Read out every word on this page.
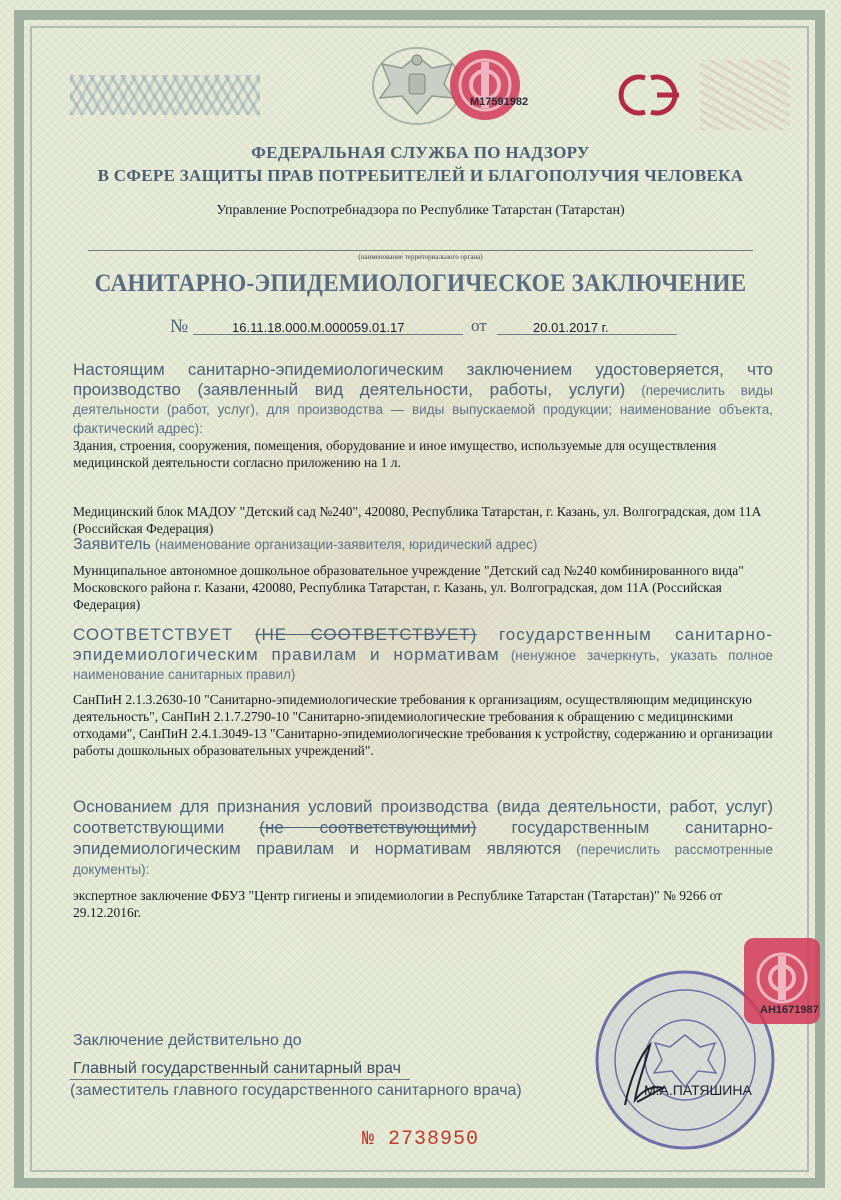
М17591982
ФЕДЕРАЛЬНАЯ СЛУЖБА ПО НАДЗОРУ
В СФЕРЕ ЗАЩИТЫ ПРАВ ПОТРЕБИТЕЛЕЙ И БЛАГОПОЛУЧИЯ ЧЕЛОВЕКА
Управление Роспотребнадзора по Республике Татарстан (Татарстан)
(наименование территориального органа)
САНИТАРНО-ЭПИДЕМИОЛОГИЧЕСКОЕ ЗАКЛЮЧЕНИЕ
№	16.11.18.000.М.000059.01.17	от	20.01.2017 г.
Настоящим санитарно-эпидемиологическим заключением удостоверяется, что производство (заявленный вид деятельности, работы, услуги) (перечислить виды деятельности (работ, услуг), для производства — виды выпускаемой продукции; наименование объекта, фактический адрес):
Здания, строения, сооружения, помещения, оборудование и иное имущество, используемые для осуществления медицинской деятельности согласно приложению на 1 л.
Медицинский блок МАДОУ "Детский сад №240", 420080, Республика Татарстан, г. Казань, ул. Волгоградская, дом 11А (Российская Федерация)
Заявитель (наименование организации-заявителя, юридический адрес)
Муниципальное автономное дошкольное образовательное учреждение "Детский сад №240 комбинированного вида" Московского района г. Казани, 420080, Республика Татарстан, г. Казань, ул. Волгоградская, дом 11А (Российская Федерация)
СООТВЕТСТВУЕТ (НЕ СООТВЕТСТВУЕТ) государственным санитарно-эпидемиологическим правилам и нормативам (ненужное зачеркнуть, указать полное наименование санитарных правил)
СанПиН 2.1.3.2630-10 "Санитарно-эпидемиологические требования к организациям, осуществляющим медицинскую деятельность", СанПиН 2.1.7.2790-10 "Санитарно-эпидемиологические требования к обращению с медицинскими отходами", СанПиН 2.4.1.3049-13 "Санитарно-эпидемиологические требования к устройству, содержанию и организации работы дошкольных образовательных учреждений".
Основанием для признания условий производства (вида деятельности, работ, услуг) соответствующими (не соответствующими) государственным санитарно-эпидемиологическим правилам и нормативам являются (перечислить рассмотренные документы):
экспертное заключение ФБУЗ "Центр гигиены и эпидемиологии в Республике Татарстан (Татарстан)" № 9266 от 29.12.2016г.
Заключение действительно до
Главный государственный санитарный врач
(заместитель главного государственного санитарного врача)	М.А.ПАТЯШИНА
АН1671987
№ 2738950
